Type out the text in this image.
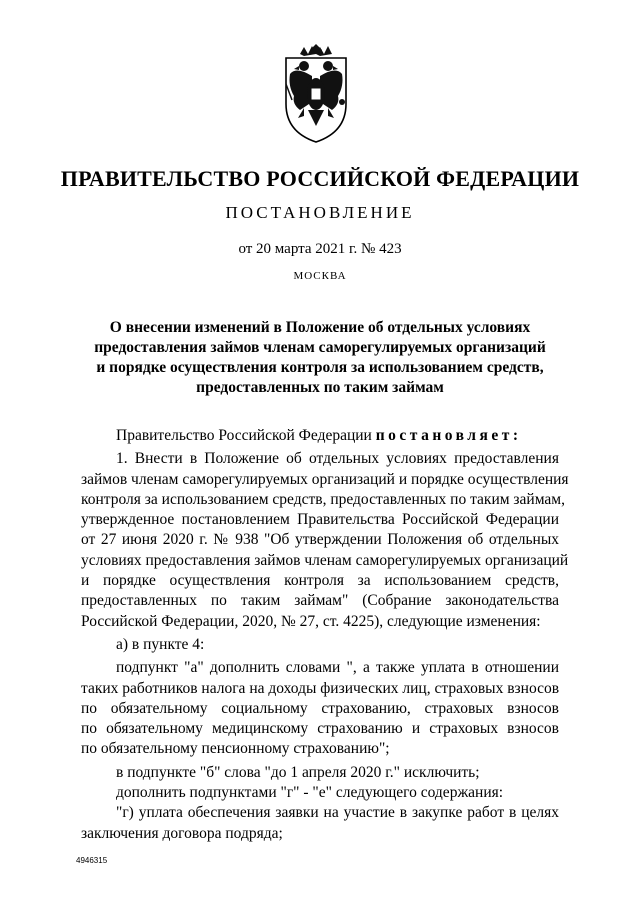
ПРАВИТЕЛЬСТВО РОССИЙСКОЙ ФЕДЕРАЦИИ
ПОСТАНОВЛЕНИЕ
от 20 марта 2021 г. № 423
МОСКВА
О внесении изменений в Положение об отдельных условиях
предоставления займов членам саморегулируемых организаций
и порядке осуществления контроля за использованием средств,
предоставленных по таким займам
Правительство Российской Федерации постановляет:
1. Внести в Положение об отдельных условиях предоставления
займов членам саморегулируемых организаций и порядке осуществления
контроля за использованием средств, предоставленных по таким займам,
утвержденное постановлением Правительства Российской Федерации
от 27 июня 2020 г. № 938 "Об утверждении Положения об отдельных
условиях предоставления займов членам саморегулируемых организаций
и порядке осуществления контроля за использованием средств,
предоставленных по таким займам" (Собрание законодательства
Российской Федерации, 2020, № 27, ст. 4225), следующие изменения:
а) в пункте 4:
подпункт "а" дополнить словами ", а также уплата в отношении
таких работников налога на доходы физических лиц, страховых взносов
по обязательному социальному страхованию, страховых взносов
по обязательному медицинскому страхованию и страховых взносов
по обязательному пенсионному страхованию";
в подпункте "б" слова "до 1 апреля 2020 г." исключить;
дополнить подпунктами "г" - "е" следующего содержания:
"г) уплата обеспечения заявки на участие в закупке работ в целях
заключения договора подряда;
4946315
